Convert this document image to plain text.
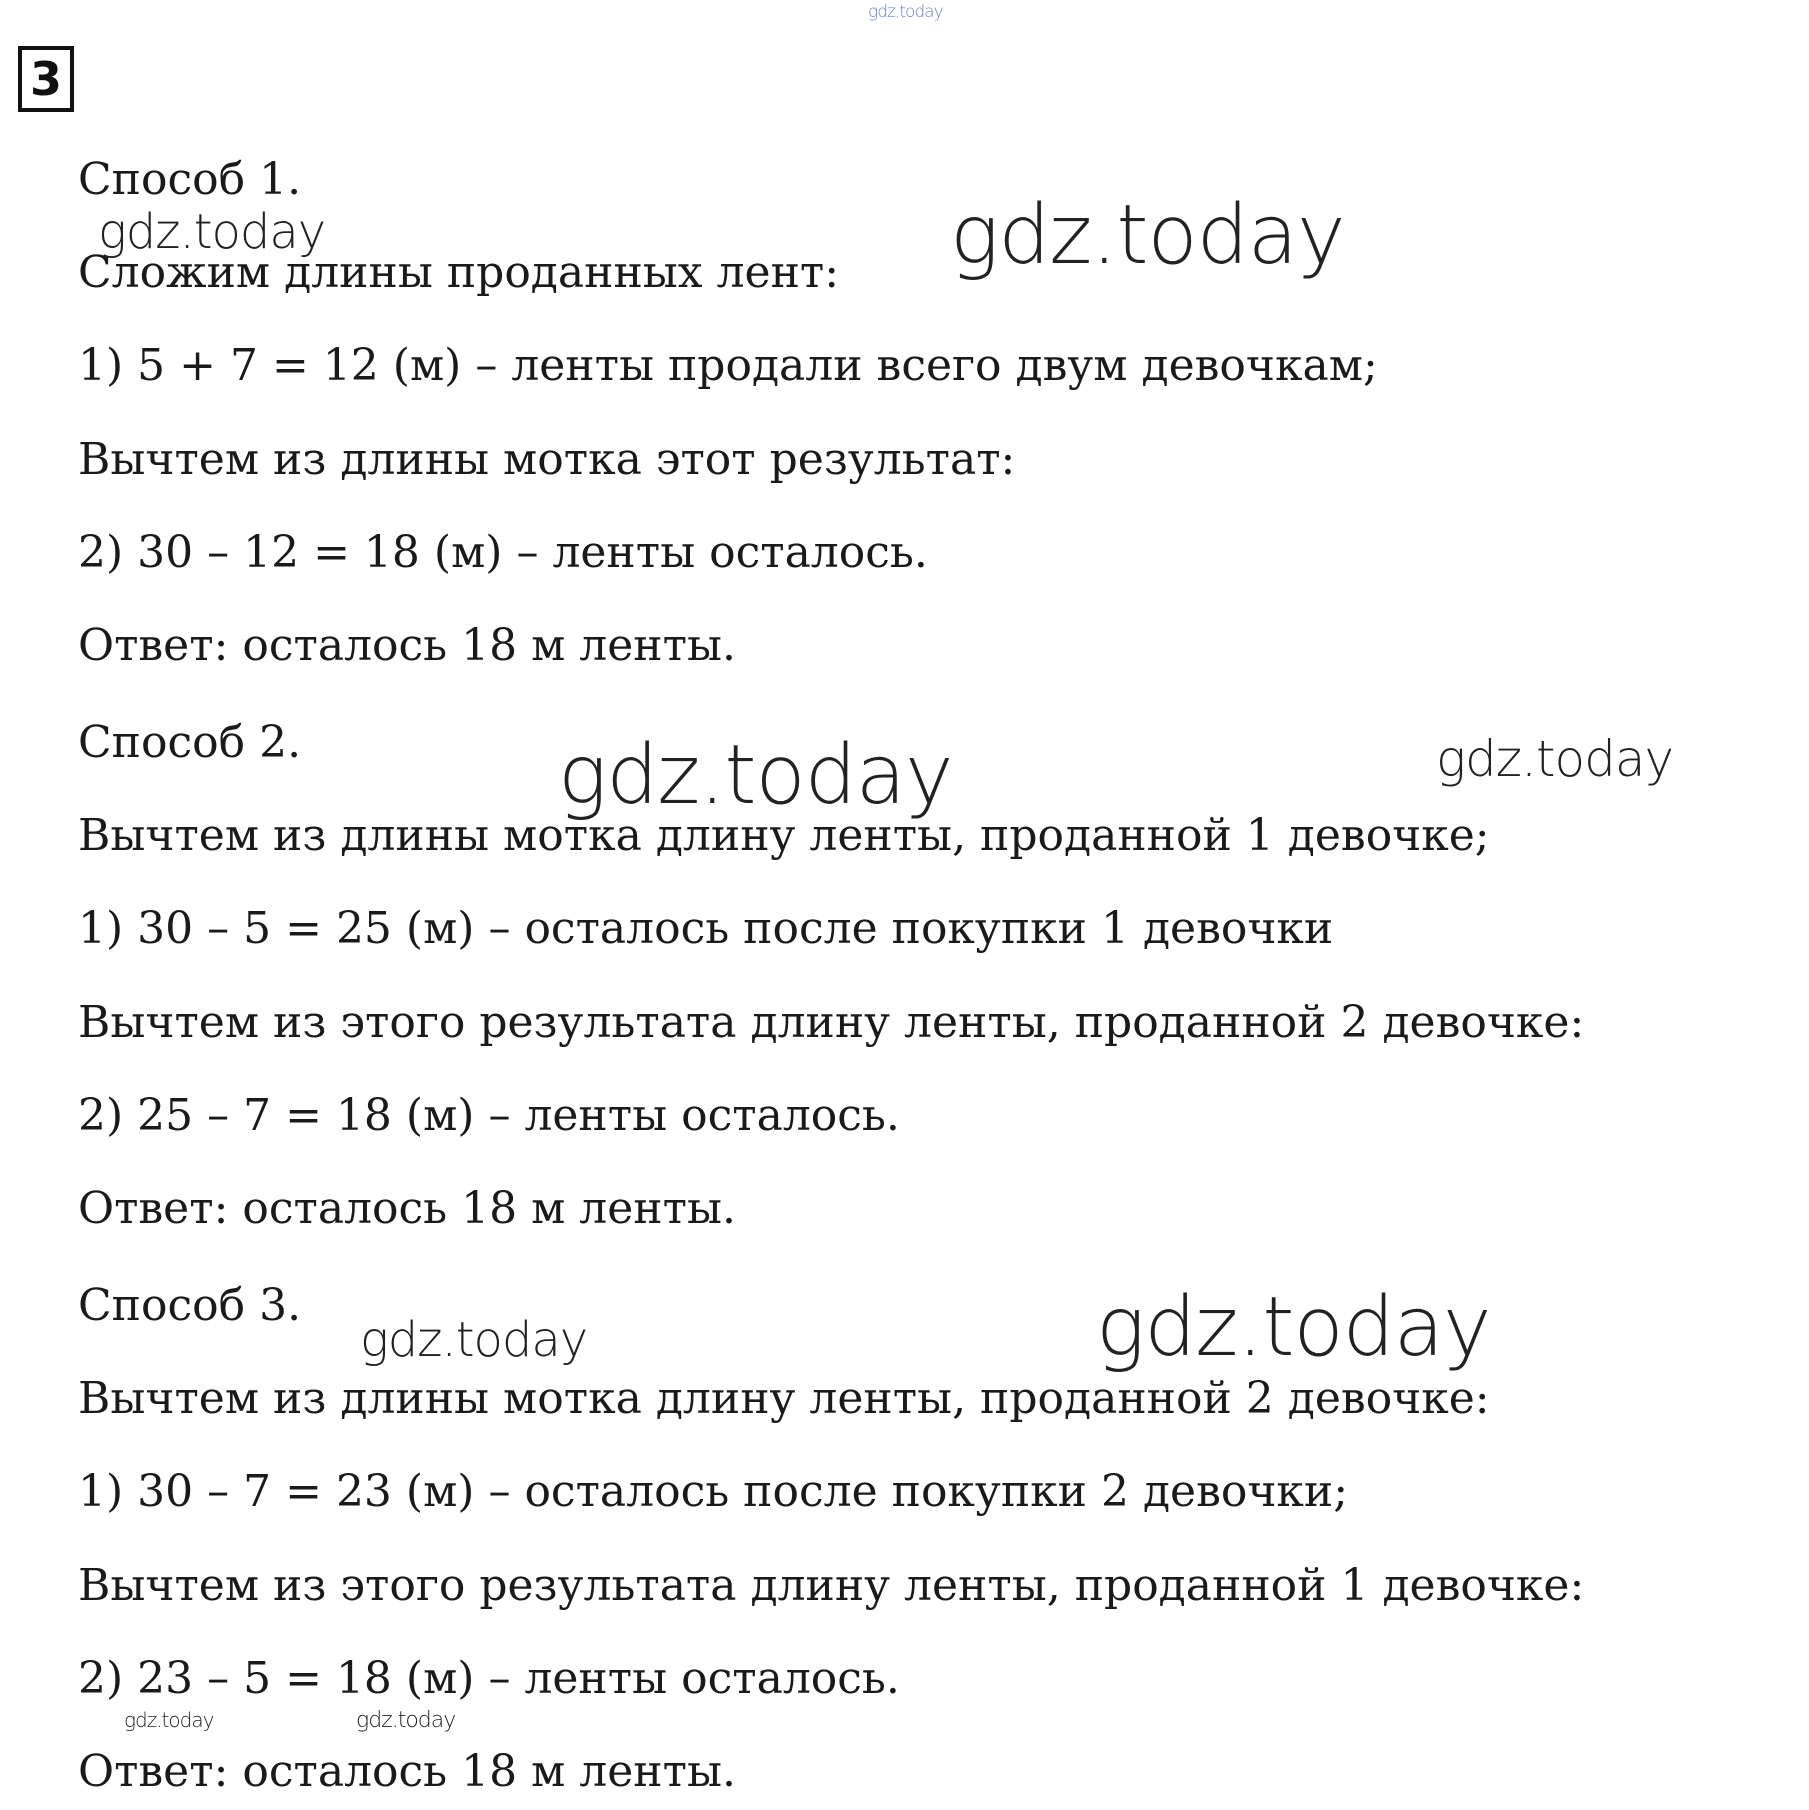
3

Способ 1.

Сложим длины проданных лент:

1) 5 + 7 = 12 (м) – ленты продали всего двум девочкам;

Вычтем из длины мотка этот результат:

2) 30 – 12 = 18 (м) – ленты осталось.

Ответ: осталось 18 м ленты.

Способ 2.

Вычтем из длины мотка длину ленты, проданной 1 девочке;

1) 30 – 5 = 25 (м) – осталось после покупки 1 девочки

Вычтем из этого результата длину ленты, проданной 2 девочке:

2) 25 – 7 = 18 (м) – ленты осталось.

Ответ: осталось 18 м ленты.

Способ 3.

Вычтем из длины мотка длину ленты, проданной 2 девочке:

1) 30 – 7 = 23 (м) – осталось после покупки 2 девочки;

Вычтем из этого результата длину ленты, проданной 1 девочке:

2) 23 – 5 = 18 (м) – ленты осталось.

Ответ: осталось 18 м ленты.

gdz.today
gdz.today	gdz.today
gdz.today	gdz.today
gdz.today
gdz.today
gdz.today	gdz.today
